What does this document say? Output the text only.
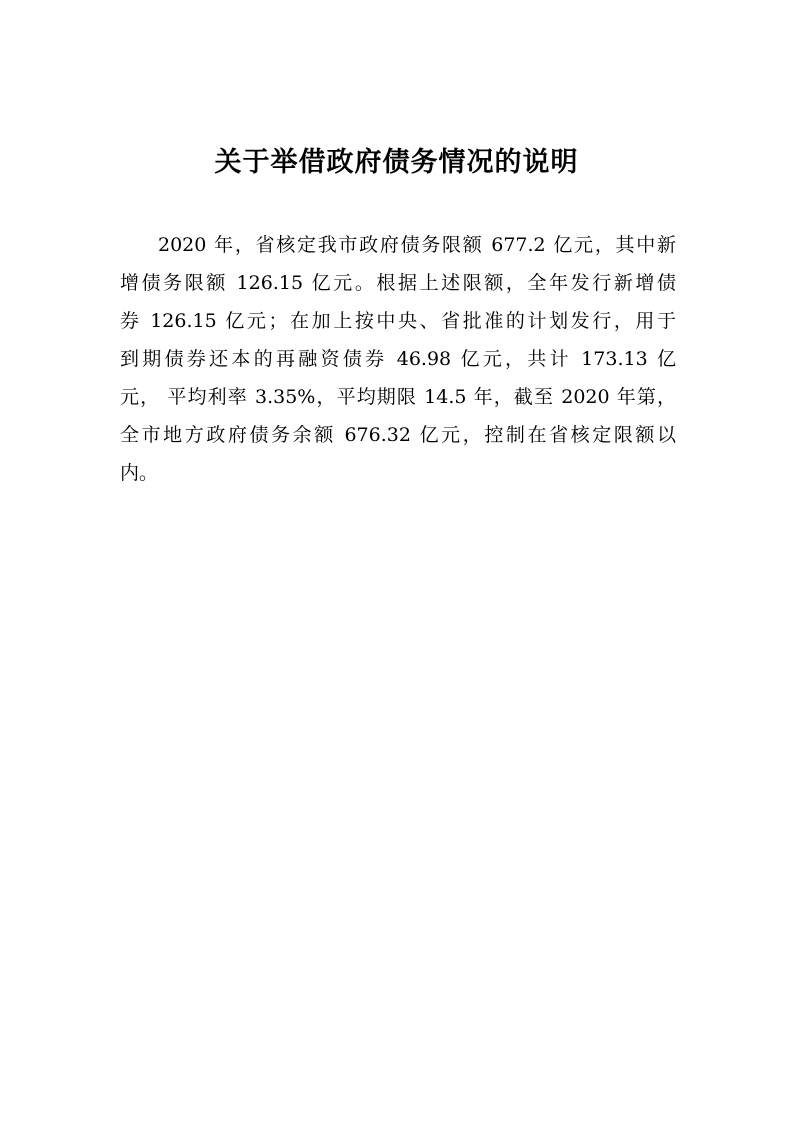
关于举借政府债务情况的说明
2020 年，省核定我市政府债务限额 677.2 亿元，其中新
增债务限额 126.15 亿元。根据上述限额，全年发行新增债
券 126.15 亿元；在加上按中央、省批准的计划发行，用于
到期债券还本的再融资债券 46.98 亿元，共计 173.13 亿
元， 平均利率 3.35%，平均期限 14.5 年，截至 2020 年第，
全市地方政府债务余额 676.32 亿元，控制在省核定限额以
内。
